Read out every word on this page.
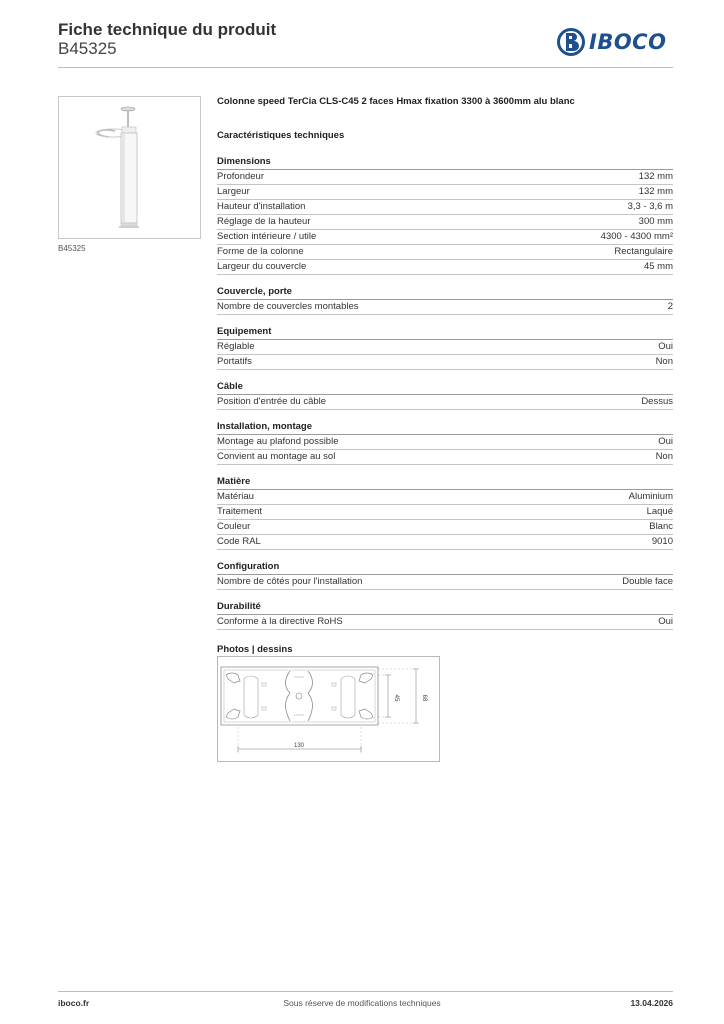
Fiche technique du produit
B45325	IBOCO
B45325
Colonne speed TerCia CLS-C45 2 faces Hmax fixation 3300 à 3600mm alu blanc
Caractéristiques techniques
Dimensions
Profondeur	132 mm
Largeur	132 mm
Hauteur d'installation	3,3 - 3,6 m
Réglage de la hauteur	300 mm
Section intérieure / utile	4300 - 4300 mm²
Forme de la colonne	Rectangulaire
Largeur du couvercle	45 mm
Couvercle, porte
Nombre de couvercles montables	2
Equipement
Réglable	Oui
Portatifs	Non
Câble
Position d'entrée du câble	Dessus
Installation, montage
Montage au plafond possible	Oui
Convient au montage au sol	Non
Matière
Matériau	Aluminium
Traitement	Laqué
Couleur	Blanc
Code RAL	9010
Configuration
Nombre de côtés pour l'installation	Double face
Durabilité
Conforme à la directive RoHS	Oui
Photos | dessins
130
45	68
iboco.fr	Sous réserve de modifications techniques	13.04.2026
